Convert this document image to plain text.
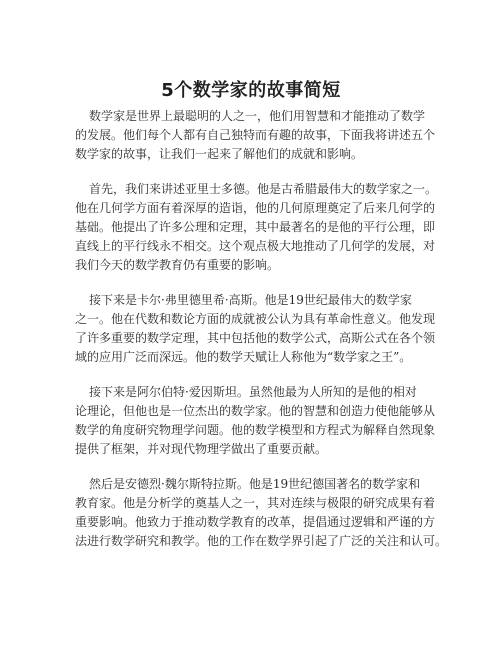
5个数学家的故事简短
数学家是世界上最聪明的人之一，他们用智慧和才能推动了数学
的发展。他们每个人都有自己独特而有趣的故事，下面我将讲述五个
数学家的故事，让我们一起来了解他们的成就和影响。
首先，我们来讲述亚里士多德。他是古希腊最伟大的数学家之一。
他在几何学方面有着深厚的造诣，他的几何原理奠定了后来几何学的
基础。他提出了许多公理和定理，其中最著名的是他的平行公理，即
直线上的平行线永不相交。这个观点极大地推动了几何学的发展，对
我们今天的数学教育仍有重要的影响。
接下来是卡尔·弗里德里希·高斯。他是19世纪最伟大的数学家
之一。他在代数和数论方面的成就被公认为具有革命性意义。他发现
了许多重要的数学定理，其中包括他的数学公式，高斯公式在各个领
域的应用广泛而深远。他的数学天赋让人称他为“数学家之王”。
接下来是阿尔伯特·爱因斯坦。虽然他最为人所知的是他的相对
论理论，但他也是一位杰出的数学家。他的智慧和创造力使他能够从
数学的角度研究物理学问题。他的数学模型和方程式为解释自然现象
提供了框架，并对现代物理学做出了重要贡献。
然后是安德烈·魏尔斯特拉斯。他是19世纪德国著名的数学家和
教育家。他是分析学的奠基人之一，其对连续与极限的研究成果有着
重要影响。他致力于推动数学教育的改革，提倡通过逻辑和严谨的方
法进行数学研究和教学。他的工作在数学界引起了广泛的关注和认可。
